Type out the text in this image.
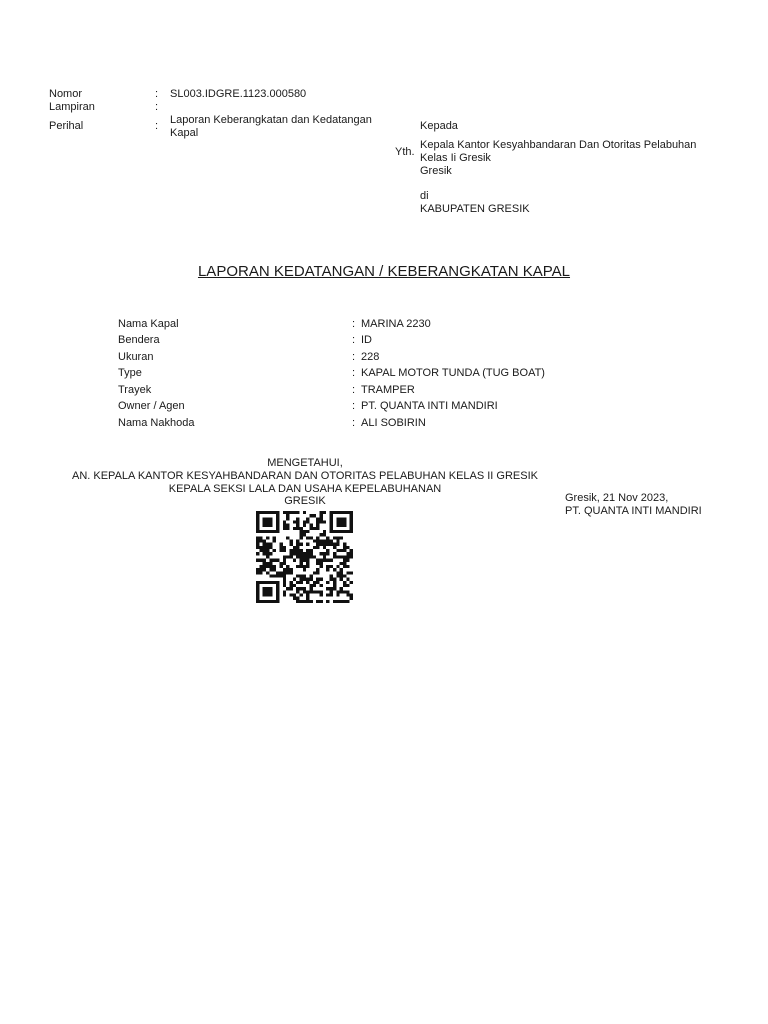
Nomor	: SL003.IDGRE.1123.000580
Lampiran	:
Perihal	: Laporan Keberangkatan dan Kedatangan
Kapal
Kepada
Yth.
Kepala Kantor Kesyahbandaran Dan Otoritas Pelabuhan
Kelas Ii Gresik
Gresik
di
KABUPATEN GRESIK
LAPORAN KEDATANGAN / KEBERANGKATAN KAPAL
Nama Kapal	: MARINA 2230
Bendera	: ID
Ukuran	: 228
Type	: KAPAL MOTOR TUNDA (TUG BOAT)
Trayek	: TRAMPER
Owner / Agen	: PT. QUANTA INTI MANDIRI
Nama Nakhoda	: ALI SOBIRIN
MENGETAHUI,
AN. KEPALA KANTOR KESYAHBANDARAN DAN OTORITAS PELABUHAN KELAS II GRESIK
KEPALA SEKSI LALA DAN USAHA KEPELABUHANAN
GRESIK	Gresik, 21 Nov 2023,
PT. QUANTA INTI MANDIRI
